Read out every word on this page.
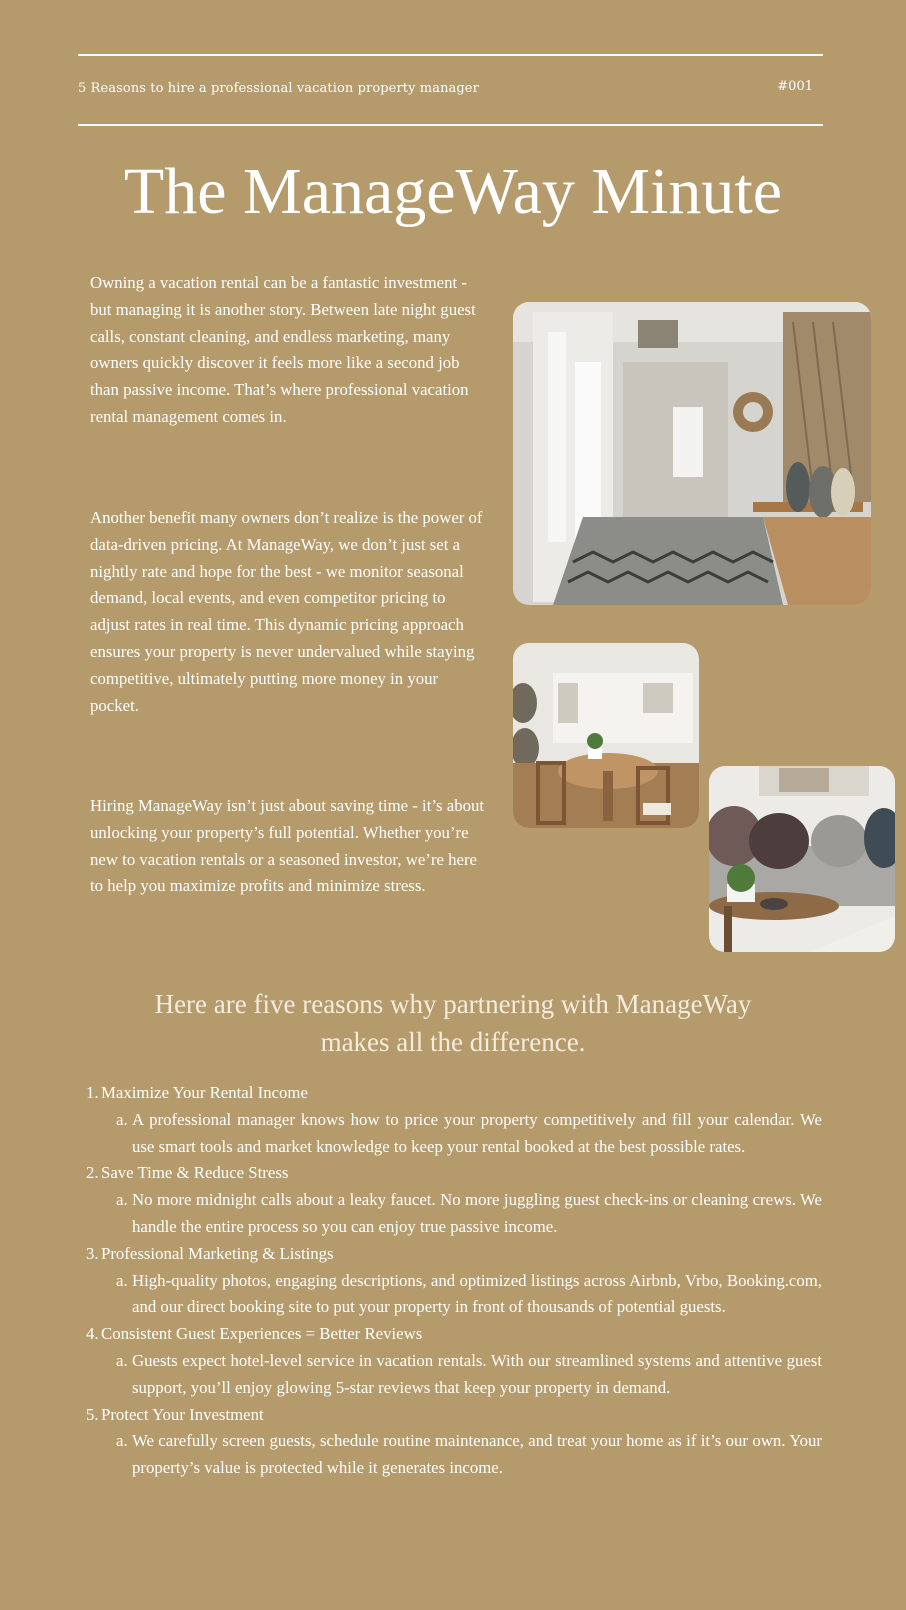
5 Reasons to hire a professional vacation property manager	#001
The ManageWay Minute

Owning a vacation rental can be a fantastic investment - but managing it is another story. Between late night guest calls, constant cleaning, and endless marketing, many owners quickly discover it feels more like a second job than passive income. That’s where professional vacation rental management comes in.

Another benefit many owners don’t realize is the power of data-driven pricing. At ManageWay, we don’t just set a nightly rate and hope for the best - we monitor seasonal demand, local events, and even competitor pricing to adjust rates in real time. This dynamic pricing approach ensures your property is never undervalued while staying competitive, ultimately putting more money in your pocket.

Hiring ManageWay isn’t just about saving time - it’s about unlocking your property’s full potential. Whether you’re new to vacation rentals or a seasoned investor, we’re here to help you maximize profits and minimize stress.

Here are five reasons why partnering with ManageWay makes all the difference.
1. Maximize Your Rental Income
a. A professional manager knows how to price your property competitively and fill your calendar. We use smart tools and market knowledge to keep your rental booked at the best possible rates.
2. Save Time & Reduce Stress
a. No more midnight calls about a leaky faucet. No more juggling guest check-ins or cleaning crews. We handle the entire process so you can enjoy true passive income.
3. Professional Marketing & Listings
a. High-quality photos, engaging descriptions, and optimized listings across Airbnb, Vrbo, Booking.com, and our direct booking site to put your property in front of thousands of potential guests.
4. Consistent Guest Experiences = Better Reviews
a. Guests expect hotel-level service in vacation rentals. With our streamlined systems and attentive guest support, you’ll enjoy glowing 5-star reviews that keep your property in demand.
5. Protect Your Investment
a. We carefully screen guests, schedule routine maintenance, and treat your home as if it’s our own. Your property’s value is protected while it generates income.
